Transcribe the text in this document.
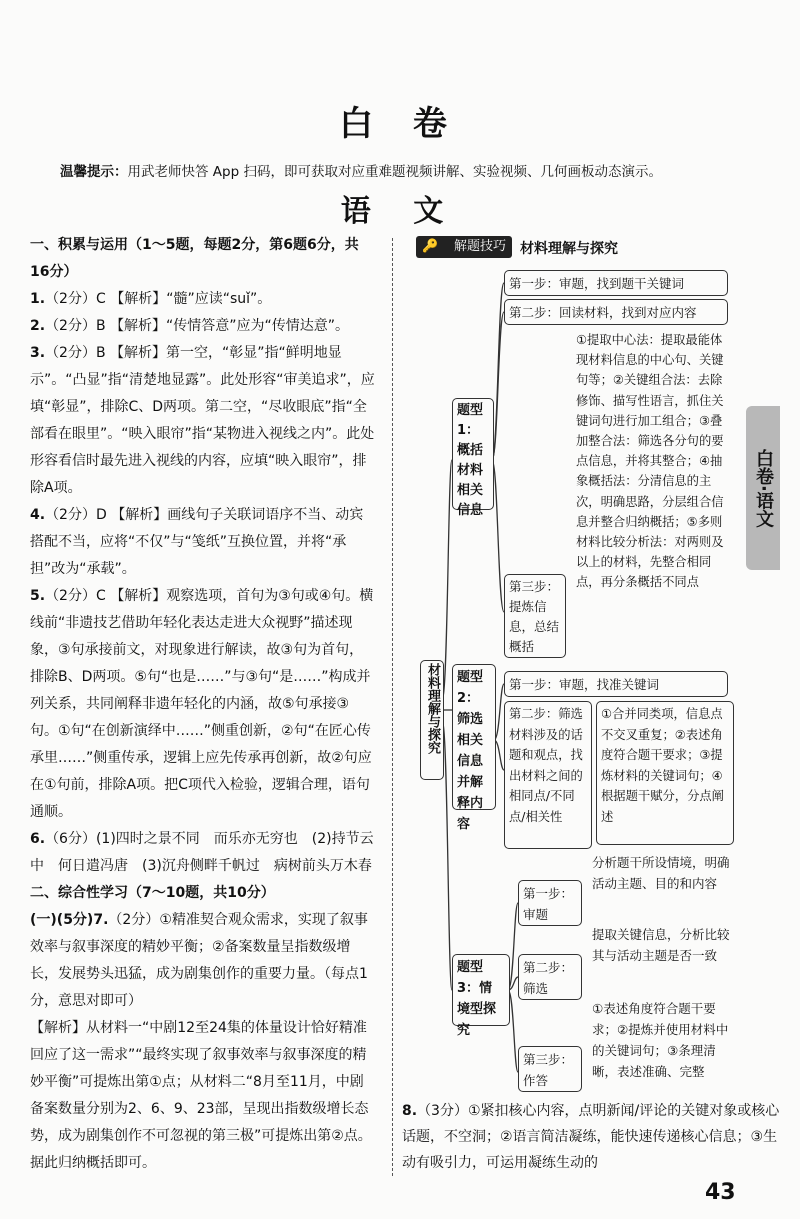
白 卷
温馨提示：用武老师快答 App 扫码，即可获取对应重难题视频讲解、实验视频、几何画板动态演示。
语 文

一、积累与运用（1～5题，每题2分，第6题6分，共16分）

1.（2分）C 【解析】“髓”应读“suǐ”。

2.（2分）B 【解析】“传情答意”应为“传情达意”。

3.（2分）B 【解析】第一空，“彰显”指“鲜明地显示”。“凸显”指“清楚地显露”。此处形容“审美追求”，应填“彰显”，排除C、D两项。第二空，“尽收眼底”指“全部看在眼里”。“映入眼帘”指“某物进入视线之内”。此处形容看信时最先进入视线的内容，应填“映入眼帘”，排除A项。

4.（2分）D 【解析】画线句子关联词语序不当、动宾搭配不当，应将“不仅”与“笺纸”互换位置，并将“承担”改为“承载”。

5.（2分）C 【解析】观察选项，首句为③句或④句。横线前“非遗技艺借助年轻化表达走进大众视野”描述现象，③句承接前文，对现象进行解读，故③句为首句，排除B、D两项。⑤句“也是……”与③句“是……”构成并列关系，共同阐释非遗年轻化的内涵，故⑤句承接③句。①句“在创新演绎中……”侧重创新，②句“在匠心传承里……”侧重传承，逻辑上应先传承再创新，故②句应在①句前，排除A项。把C项代入检验，逻辑合理，语句通顺。

6.（6分）(1)四时之景不同　而乐亦无穷也　(2)持节云中　何日遣冯唐　(3)沉舟侧畔千帆过　病树前头万木春

二、综合性学习（7～10题，共10分）

(一)(5分)7.（2分）①精准契合观众需求，实现了叙事效率与叙事深度的精妙平衡；②备案数量呈指数级增长，发展势头迅猛，成为剧集创作的重要力量。（每点1分，意思对即可）

【解析】从材料一“中剧12至24集的体量设计恰好精准回应了这一需求”“最终实现了叙事效率与叙事深度的精妙平衡”可提炼出第①点；从材料二“8月至11月，中剧备案数量分别为2、6、9、23部，呈现出指数级增长态势，成为剧集创作不可忽视的第三极”可提炼出第②点。据此归纳概括即可。

🔑 解题技巧	材料理解与探究
材料理解与探究
题型1：概括材料相关信息
第一步：审题，找到题干关键词
第二步：回读材料，找到对应内容
①提取中心法：提取最能体现材料信息的中心句、关键句等；②关键组合法：去除修饰、描写性语言，抓住关键词句进行加工组合；③叠加整合法：筛选各分句的要点信息，并将其整合；④抽象概括法：分清信息的主次，明确思路，分层组合信息并整合归纳概括；⑤多则材料比较分析法：对两则及以上的材料，先整合相同点，再分条概括不同点
第三步：提炼信息，总结概括
题型2：筛选相关信息并解释内容
第一步：审题，找准关键词
第二步：筛选材料涉及的话题和观点，找出材料之间的相同点/不同点/相关性
①合并同类项，信息点不交叉重复；②表述角度符合题干要求；③提炼材料的关键词句；④根据题干赋分，分点阐述
题型3：情境型探究
第一步：审题
分析题干所设情境，明确活动主题、目的和内容
第二步：筛选
提取关键信息，分析比较其与活动主题是否一致
第三步：作答
①表述角度符合题干要求；②提炼并使用材料中的关键词句；③条理清晰，表述准确、完整

8.（3分）①紧扣核心内容，点明新闻/评论的关键对象或核心话题，不空洞；②语言简洁凝练，能快速传递核心信息；③生动有吸引力，可运用凝练生动的

白卷·语文
43
